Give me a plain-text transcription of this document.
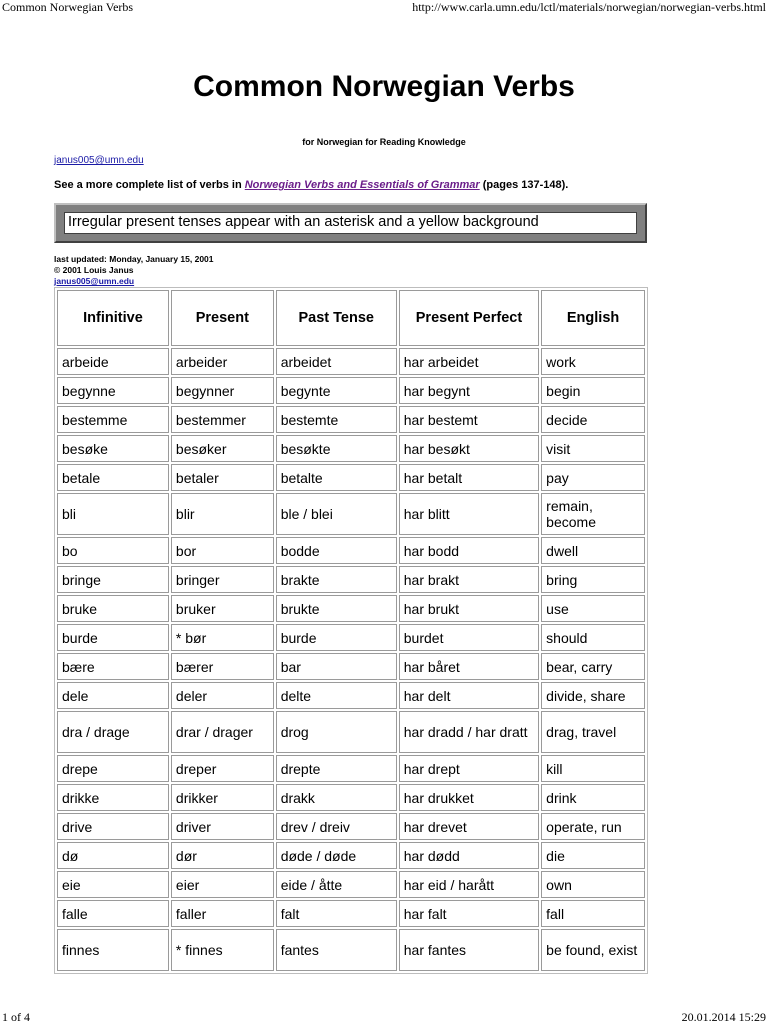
Common Norwegian Verbs	http://www.carla.umn.edu/lctl/materials/norwegian/norwegian-verbs.html
Common Norwegian Verbs
for Norwegian for Reading Knowledge
janus005@umn.edu
See a more complete list of verbs in Norwegian Verbs and Essentials of Grammar (pages 137-148).
Irregular present tenses appear with an asterisk and a yellow background
last updated: Monday, January 15, 2001
© 2001 Louis Janus
janus005@umn.edu
Infinitive	Present	Past Tense	Present Perfect	English
arbeide	arbeider	arbeidet	har arbeidet	work
begynne	begynner	begynte	har begynt	begin
bestemme	bestemmer	bestemte	har bestemt	decide
besøke	besøker	besøkte	har besøkt	visit
betale	betaler	betalte	har betalt	pay
bli	blir	ble / blei	har blitt	remain, become
bo	bor	bodde	har bodd	dwell
bringe	bringer	brakte	har brakt	bring
bruke	bruker	brukte	har brukt	use
burde	* bør	burde	burdet	should
bære	bærer	bar	har båret	bear, carry
dele	deler	delte	har delt	divide, share
dra / drage	drar / drager	drog	har dradd / har dratt	drag, travel
drepe	dreper	drepte	har drept	kill
drikke	drikker	drakk	har drukket	drink
drive	driver	drev / dreiv	har drevet	operate, run
dø	dør	døde / døde	har dødd	die
eie	eier	eide / åtte	har eid / harått	own
falle	faller	falt	har falt	fall
finnes	* finnes	fantes	har fantes	be found, exist
1 of 4	20.01.2014 15:29
